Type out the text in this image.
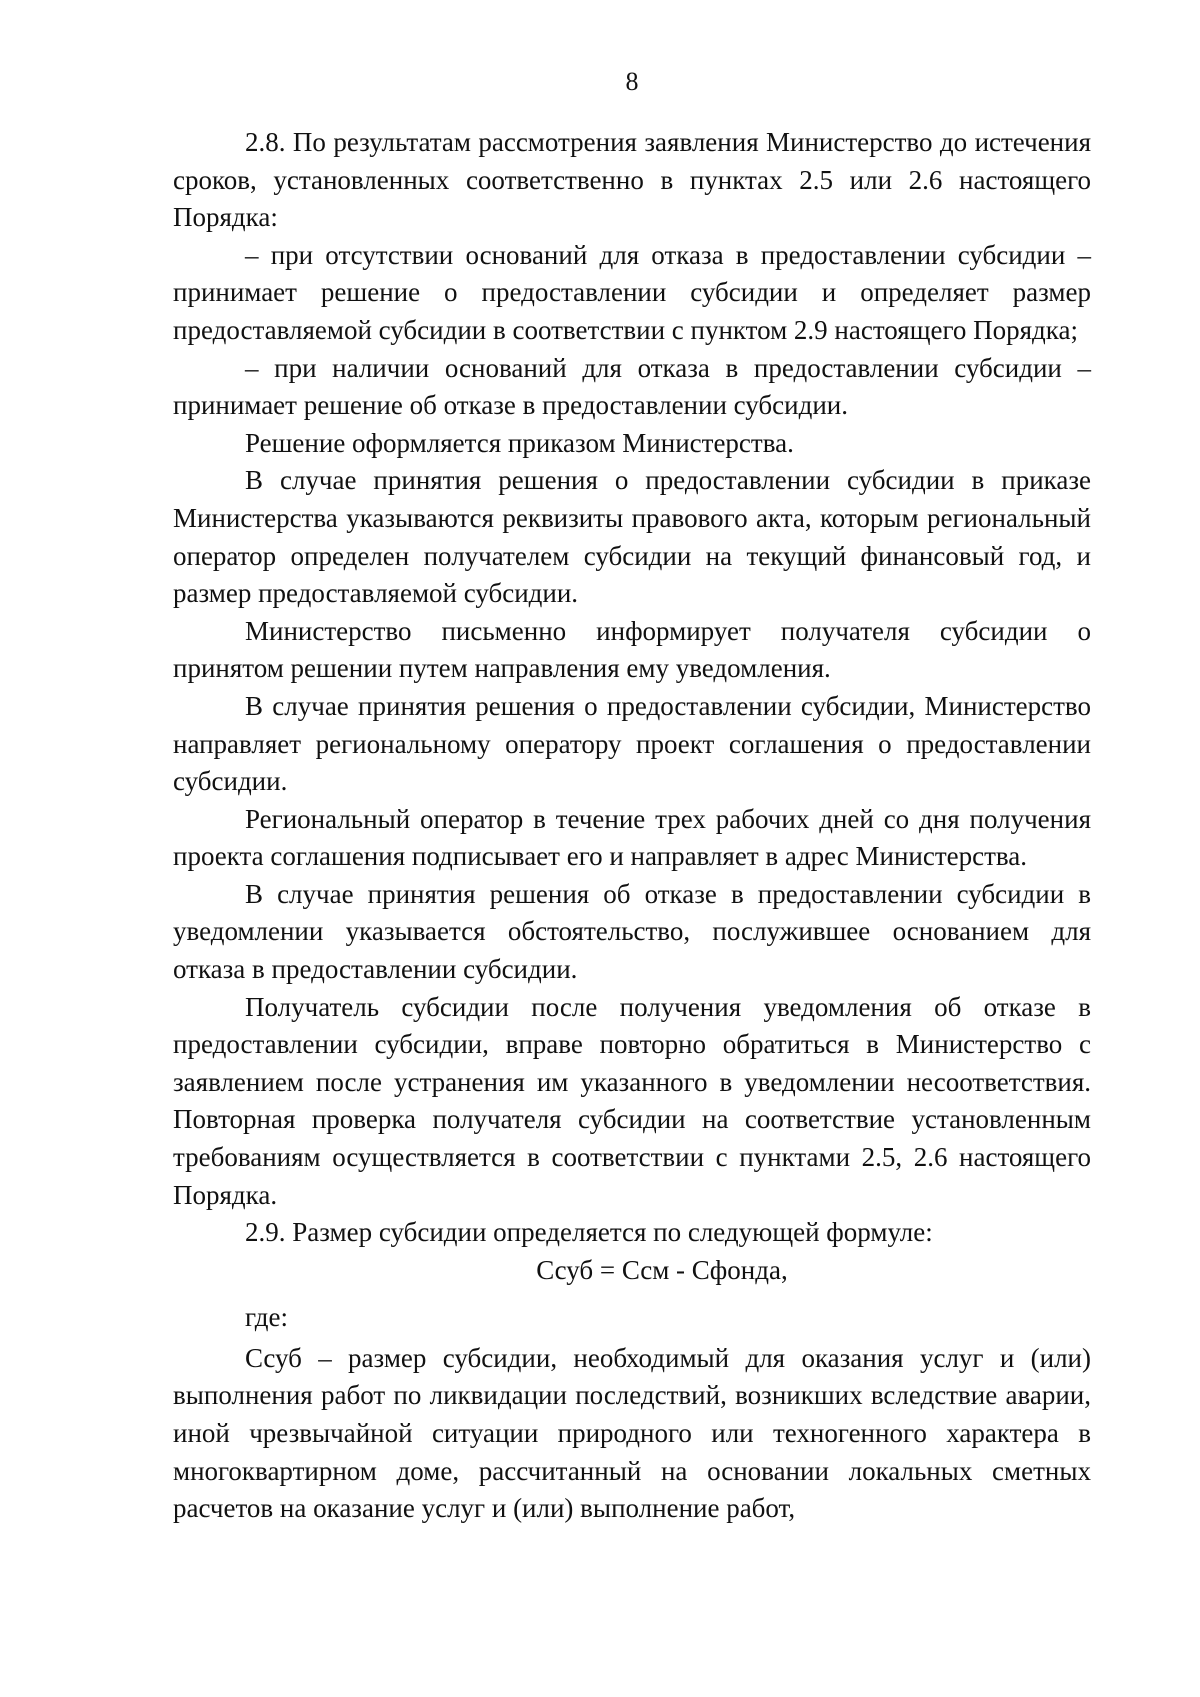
8

2.8. По результатам рассмотрения заявления Министерство до истечения сроков, установленных соответственно в пунктах 2.5 или 2.6 настоящего Порядка:

– при отсутствии оснований для отказа в предоставлении субсидии – принимает решение о предоставлении субсидии и определяет размер предоставляемой субсидии в соответствии с пунктом 2.9 настоящего Порядка;

– при наличии оснований для отказа в предоставлении субсидии – принимает решение об отказе в предоставлении субсидии.

Решение оформляется приказом Министерства.

В случае принятия решения о предоставлении субсидии в приказе Министерства указываются реквизиты правового акта, которым региональный оператор определен получателем субсидии на текущий финансовый год, и размер предоставляемой субсидии.

Министерство письменно информирует получателя субсидии о принятом решении путем направления ему уведомления.

В случае принятия решения о предоставлении субсидии, Министерство направляет региональному оператору проект соглашения о предоставлении субсидии.

Региональный оператор в течение трех рабочих дней со дня получения проекта соглашения подписывает его и направляет в адрес Министерства.

В случае принятия решения об отказе в предоставлении субсидии в уведомлении указывается обстоятельство, послужившее основанием для отказа в предоставлении субсидии.

Получатель субсидии после получения уведомления об отказе в предоставлении субсидии, вправе повторно обратиться в Министерство с заявлением после устранения им указанного в уведомлении несоответствия. Повторная проверка получателя субсидии на соответствие установленным требованиям осуществляется в соответствии с пунктами 2.5, 2.6 настоящего Порядка.

2.9. Размер субсидии определяется по следующей формуле:

Ссуб = Ссм - Сфонда,

где:

Ссуб – размер субсидии, необходимый для оказания услуг и (или) выполнения работ по ликвидации последствий, возникших вследствие аварии, иной чрезвычайной ситуации природного или техногенного характера в многоквартирном доме, рассчитанный на основании локальных сметных расчетов на оказание услуг и (или) выполнение работ,
